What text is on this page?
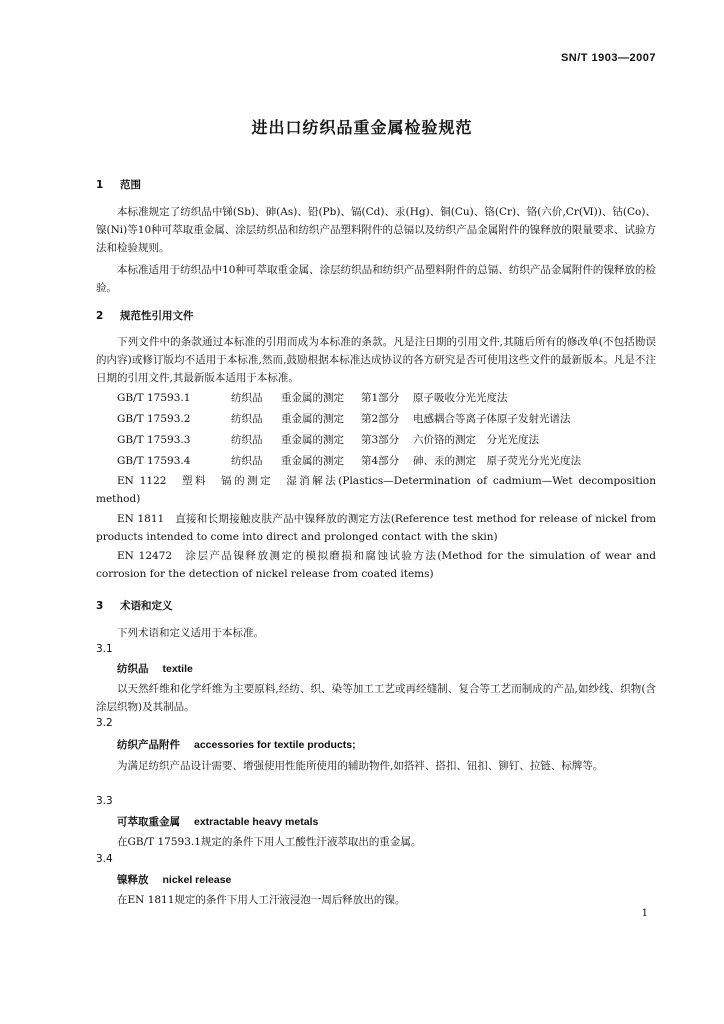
SN/T 1903—2007
进出口纺织品重金属检验规范
1 范围
本标准规定了纺织品中锑(Sb)、砷(As)、铅(Pb)、镉(Cd)、汞(Hg)、铜(Cu)、铬(Cr)、铬(六价,Cr(Ⅵ))、钴(Co)、镍(Ni)等10种可萃取重金属、涂层纺织品和纺织产品塑料附件的总镉以及纺织产品金属附件的镍释放的限量要求、试验方法和检验规则。
本标准适用于纺织品中10种可萃取重金属、涂层纺织品和纺织产品塑料附件的总镉、纺织产品金属附件的镍释放的检验。
2 规范性引用文件
下列文件中的条款通过本标准的引用而成为本标准的条款。凡是注日期的引用文件,其随后所有的修改单(不包括勘误的内容)或修订版均不适用于本标准,然而,鼓励根据本标准达成协议的各方研究是否可使用这些文件的最新版本。凡是不注日期的引用文件,其最新版本适用于本标准。
GB/T 17593.1	纺织品 重金属的测定 第1部分 原子吸收分光光度法
GB/T 17593.2	纺织品 重金属的测定 第2部分 电感耦合等离子体原子发射光谱法
GB/T 17593.3	纺织品 重金属的测定 第3部分 六价铬的测定　分光光度法
GB/T 17593.4	纺织品 重金属的测定 第4部分 砷、汞的测定　原子荧光分光光度法
EN 1122　塑料　镉的测定　湿消解法(Plastics—Determination of cadmium—Wet decomposition method)
EN 1811　直接和长期接触皮肤产品中镍释放的测定方法(Reference test method for release of nickel from products intended to come into direct and prolonged contact with the skin)
EN 12472　涂层产品镍释放测定的模拟磨损和腐蚀试验方法(Method for the simulation of wear and corrosion for the detection of nickel release from coated items)
3 术语和定义
下列术语和定义适用于本标准。
3.1
纺织品 textile
以天然纤维和化学纤维为主要原料,经纺、织、染等加工工艺或再经缝制、复合等工艺而制成的产品,如纱线、织物(含涂层织物)及其制品。
3.2
纺织产品附件 accessories for textile products;
为满足纺织产品设计需要、增强使用性能所使用的辅助物件,如搭袢、搭扣、钮扣、铆钉、拉链、标牌等。
3.3
可萃取重金属 extractable heavy metals
在GB/T 17593.1规定的条件下用人工酸性汗液萃取出的重金属。
3.4
镍释放 nickel release
在EN 1811规定的条件下用人工汗液浸泡一周后释放出的镍。
1
